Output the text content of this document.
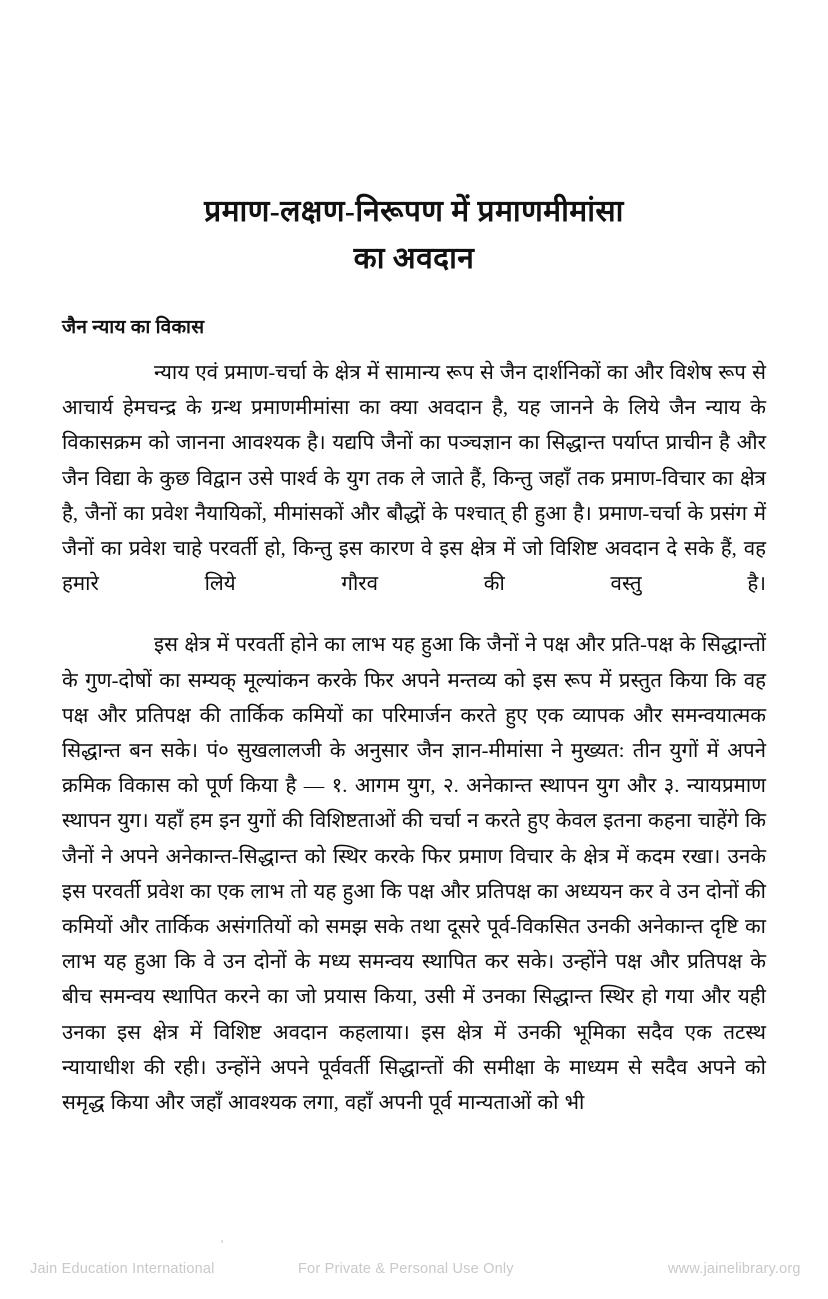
प्रमाण-लक्षण-निरूपण में प्रमाणमीमांसा
का अवदान
जैन न्याय का विकास

न्याय एवं प्रमाण-चर्चा के क्षेत्र में सामान्य रूप से जैन दार्शनिकों का और विशेष रूप से आचार्य हेमचन्द्र के ग्रन्थ प्रमाणमीमांसा का क्या अवदान है, यह जानने के लिये जैन न्याय के विकासक्रम को जानना आवश्यक है। यद्यपि जैनों का पञ्चज्ञान का सिद्धान्त पर्याप्त प्राचीन है और जैन विद्या के कुछ विद्वान उसे पार्श्व के युग तक ले जाते हैं, किन्तु जहाँ तक प्रमाण-विचार का क्षेत्र है, जैनों का प्रवेश नैयायिकों, मीमांसकों और बौद्धों के पश्चात् ही हुआ है। प्रमाण-चर्चा के प्रसंग में जैनों का प्रवेश चाहे परवर्ती हो, किन्तु इस कारण वे इस क्षेत्र में जो विशिष्ट अवदान दे सके हैं, वह हमारे लिये गौरव की वस्तु है।

इस क्षेत्र में परवर्ती होने का लाभ यह हुआ कि जैनों ने पक्ष और प्रति-पक्ष के सिद्धान्तों के गुण-दोषों का सम्यक् मूल्यांकन करके फिर अपने मन्तव्य को इस रूप में प्रस्तुत किया कि वह पक्ष और प्रतिपक्ष की तार्किक कमियों का परिमार्जन करते हुए एक व्यापक और समन्वयात्मक सिद्धान्त बन सके। पं० सुखलालजी के अनुसार जैन ज्ञान-मीमांसा ने मुख्यत: तीन युगों में अपने क्रमिक विकास को पूर्ण किया है — १. आगम युग, २. अनेकान्त स्थापन युग और ३. न्यायप्रमाण स्थापन युग। यहाँ हम इन युगों की विशिष्टताओं की चर्चा न करते हुए केवल इतना कहना चाहेंगे कि जैनों ने अपने अनेकान्त-सिद्धान्त को स्थिर करके फिर प्रमाण विचार के क्षेत्र में कदम रखा। उनके इस परवर्ती प्रवेश का एक लाभ तो यह हुआ कि पक्ष और प्रतिपक्ष का अध्ययन कर वे उन दोनों की कमियों और तार्किक असंगतियों को समझ सके तथा दूसरे पूर्व-विकसित उनकी अनेकान्त दृष्टि का लाभ यह हुआ कि वे उन दोनों के मध्य समन्वय स्थापित कर सके। उन्होंने पक्ष और प्रतिपक्ष के बीच समन्वय स्थापित करने का जो प्रयास किया, उसी में उनका सिद्धान्त स्थिर हो गया और यही उनका इस क्षेत्र में विशिष्ट अवदान कहलाया। इस क्षेत्र में उनकी भूमिका सदैव एक तटस्थ न्यायाधीश की रही। उन्होंने अपने पूर्ववर्ती सिद्धान्तों की समीक्षा के माध्यम से सदैव अपने को समृद्ध किया और जहाँ आवश्यक लगा, वहाँ अपनी पूर्व मान्यताओं को भी

Jain Education International	For Private & Personal Use Only	www.jainelibrary.org
